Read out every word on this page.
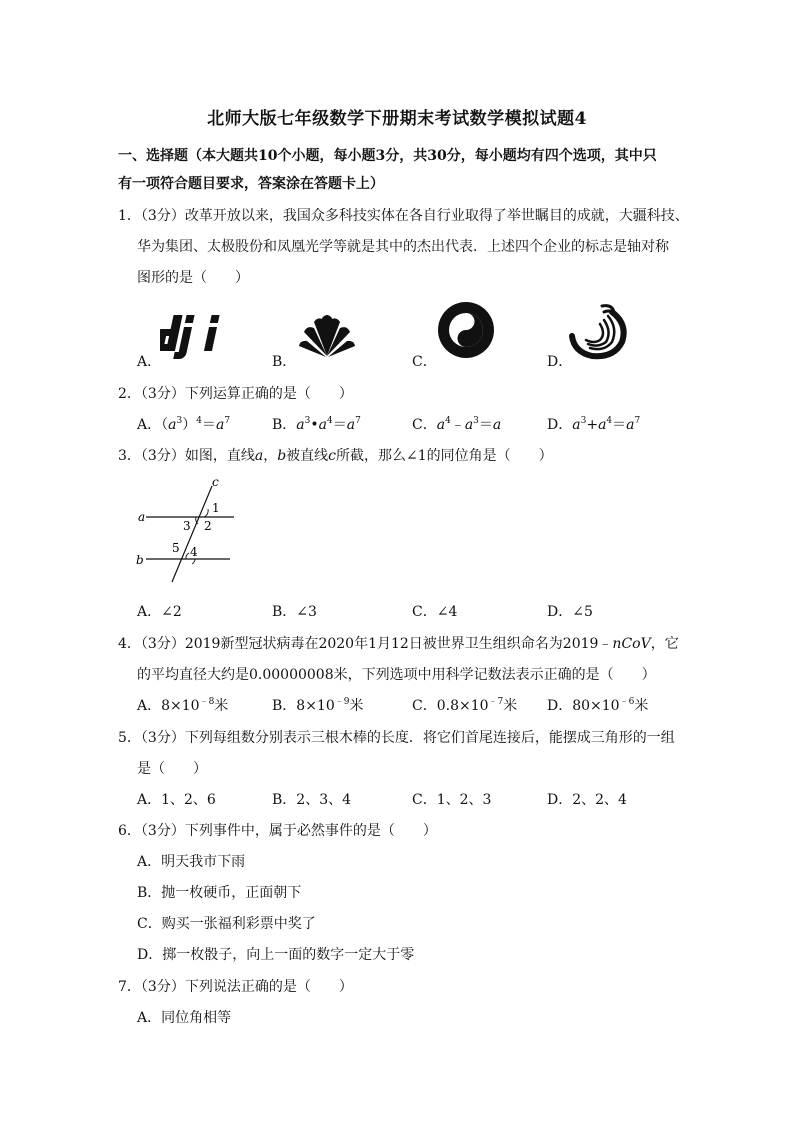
北师大版七年级数学下册期末考试数学模拟试题4
一、选择题（本大题共10个小题，每小题3分，共30分，每小题均有四个选项，其中只
有一项符合题目要求，答案涂在答题卡上）
1．（3分）改革开放以来，我国众多科技实体在各自行业取得了举世瞩目的成就，大疆科技、
华为集团、太极股份和凤凰光学等就是其中的杰出代表．上述四个企业的标志是轴对称
图形的是（　　）
A．	B．	C．	D．
2．（3分）下列运算正确的是（　　）
A．$(a^3)^4=a^7$	B．$a^3•a^4=a^7$	C．$a^4﹣a^3=a$	D．$a^3+a^4=a^7$
3．（3分）如图，直线a，b被直线c所截，那么∠1的同位角是（　　）
c
a
b
1
2
3
4
5
A．∠2	B．∠3	C．∠4	D．∠5
4．（3分）2019新型冠状病毒在2020年1月12日被世界卫生组织命名为2019﹣nCoV，它
的平均直径大约是0.00000008米，下列选项中用科学记数法表示正确的是（　　）
A．$8\times 10^{﹣8}$米	B．$8\times 10^{﹣9}$米	C．$0.8\times 10^{﹣7}$米 D．$80\times 10^{﹣6}$米
5．（3分）下列每组数分别表示三根木棒的长度．将它们首尾连接后，能摆成三角形的一组
是（　　）
A．1、2、6	B．2、3、4	C．1、2、3	D．2、2、4
6．（3分）下列事件中，属于必然事件的是（　　）
A．明天我市下雨
B．抛一枚硬币，正面朝下
C．购买一张福利彩票中奖了
D．掷一枚骰子，向上一面的数字一定大于零
7．（3分）下列说法正确的是（　　）
A．同位角相等
